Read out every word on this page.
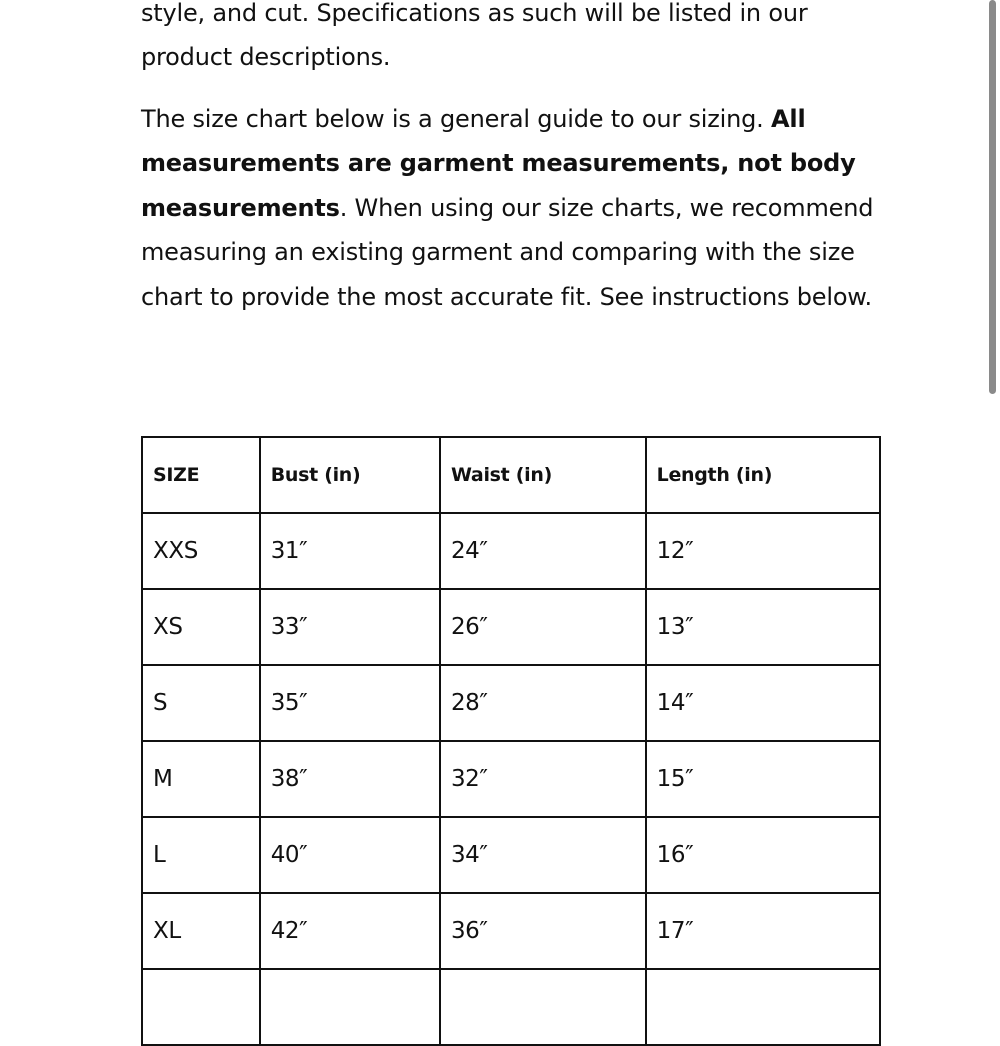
style, and cut. Specifications as such will be listed in our product descriptions.

The size chart below is a general guide to our sizing. All measurements are garment measurements, not body measurements. When using our size charts, we recommend measuring an existing garment and comparing with the size chart to provide the most accurate fit. See instructions below.

SIZE	Bust (in)	Waist (in)	Length (in)
XXS	31″	24″	12″
XS	33″	26″	13″
S	35″	28″	14″
M	38″	32″	15″
L	40″	34″	16″
XL	42″	36″	17″
